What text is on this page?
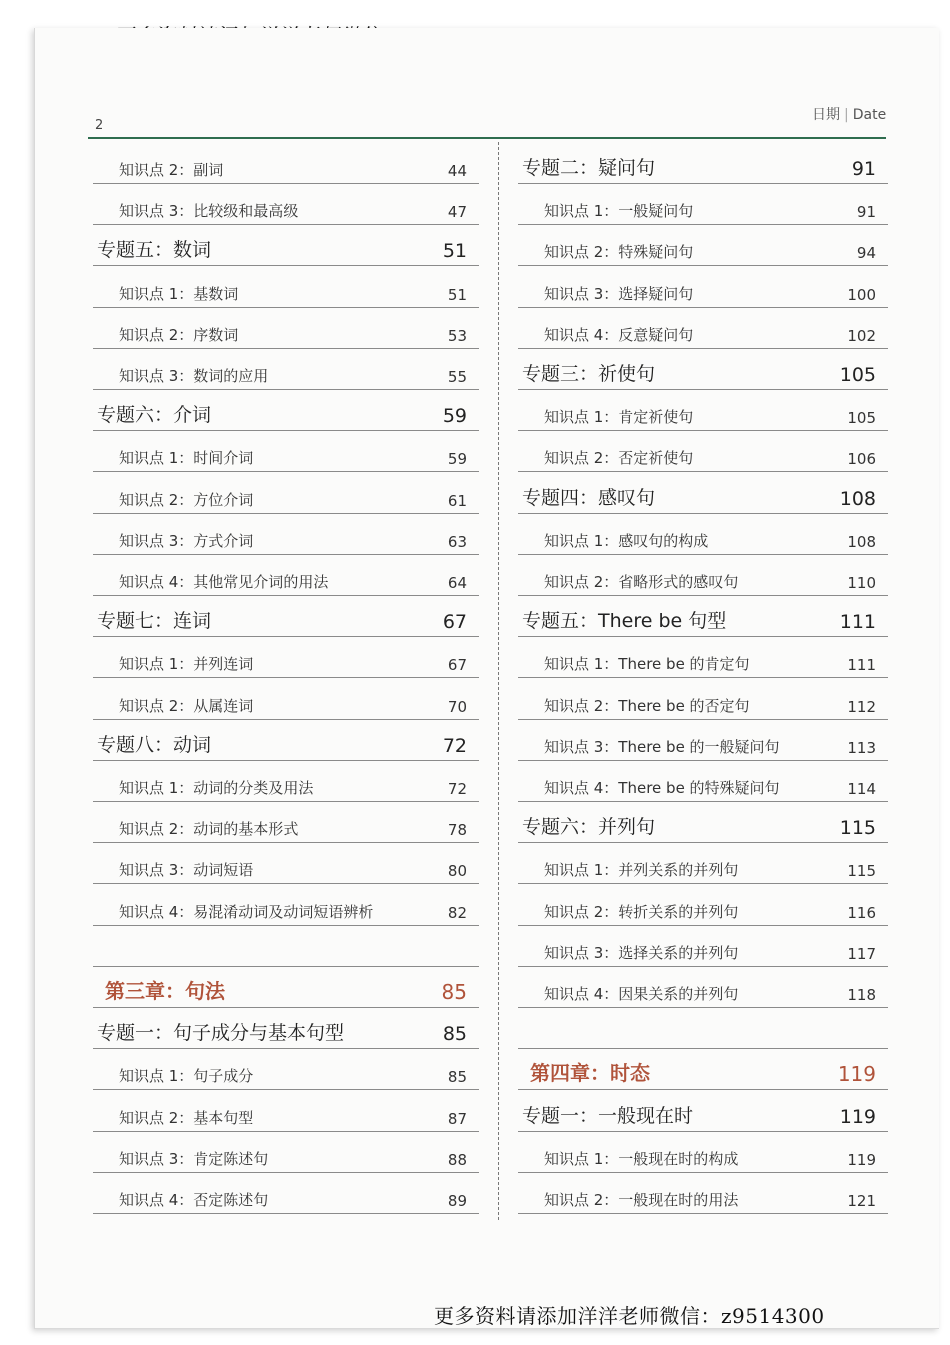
2
日期 | Date
知识点 2：副词	44
知识点 3：比较级和最高级	47
专题五：数词	51
知识点 1：基数词	51
知识点 2：序数词	53
知识点 3：数词的应用	55
专题六：介词	59
知识点 1：时间介词	59
知识点 2：方位介词	61
知识点 3：方式介词	63
知识点 4：其他常见介词的用法	64
专题七：连词	67
知识点 1：并列连词	67
知识点 2：从属连词	70
专题八：动词	72
知识点 1：动词的分类及用法	72
知识点 2：动词的基本形式	78
知识点 3：动词短语	80
知识点 4：易混淆动词及动词短语辨析	82
第三章：句法	85
专题一：句子成分与基本句型	85
知识点 1：句子成分	85
知识点 2：基本句型	87
知识点 3：肯定陈述句	88
知识点 4：否定陈述句	89
专题二：疑问句	91
知识点 1：一般疑问句	91
知识点 2：特殊疑问句	94
知识点 3：选择疑问句	100
知识点 4：反意疑问句	102
专题三：祈使句	105
知识点 1：肯定祈使句	105
知识点 2：否定祈使句	106
专题四：感叹句	108
知识点 1：感叹句的构成	108
知识点 2：省略形式的感叹句	110
专题五：There be 句型	111
知识点 1：There be 的肯定句	111
知识点 2：There be 的否定句	112
知识点 3：There be 的一般疑问句	113
知识点 4：There be 的特殊疑问句	114
专题六：并列句	115
知识点 1：并列关系的并列句	115
知识点 2：转折关系的并列句	116
知识点 3：选择关系的并列句	117
知识点 4：因果关系的并列句	118
第四章：时态	119
专题一：一般现在时	119
知识点 1：一般现在时的构成	119
知识点 2：一般现在时的用法	121
更多资料请添加洋洋老师微信：z9514300
